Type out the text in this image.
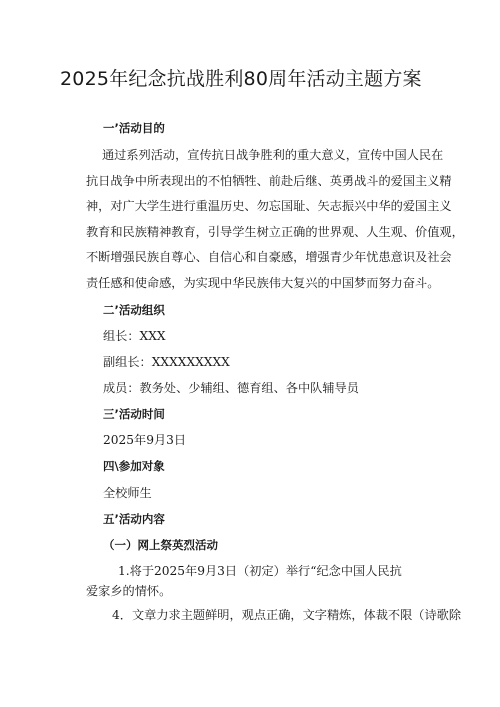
2025年纪念抗战胜利80周年活动主题方案
一’活动目的
通过系列活动，宣传抗日战争胜利的重大意义，宣传中国人民在
抗日战争中所表现出的不怕牺牲、前赴后继、英勇战斗的爱国主义精
神，对广大学生进行重温历史、勿忘国耻、矢志振兴中华的爱国主义
教育和民族精神教育，引导学生树立正确的世界观、人生观、价值观，
不断增强民族自尊心、自信心和自豪感，增强青少年忧患意识及社会
责任感和使命感，为实现中华民族伟大复兴的中国梦而努力奋斗。
二’活动组织
组长：XXX
副组长：XXXXXXXXX
成员：教务处、少辅组、德育组、各中队辅导员
三’活动时间
2025年9月3日
四\参加对象
全校师生
五’活动内容
（一）网上祭英烈活动
1.将于2025年9月3日（初定）举行“纪念中国人民抗
爱家乡的情怀。
4．文章力求主题鲜明，观点正确，文字精炼，体裁不限（诗歌除
